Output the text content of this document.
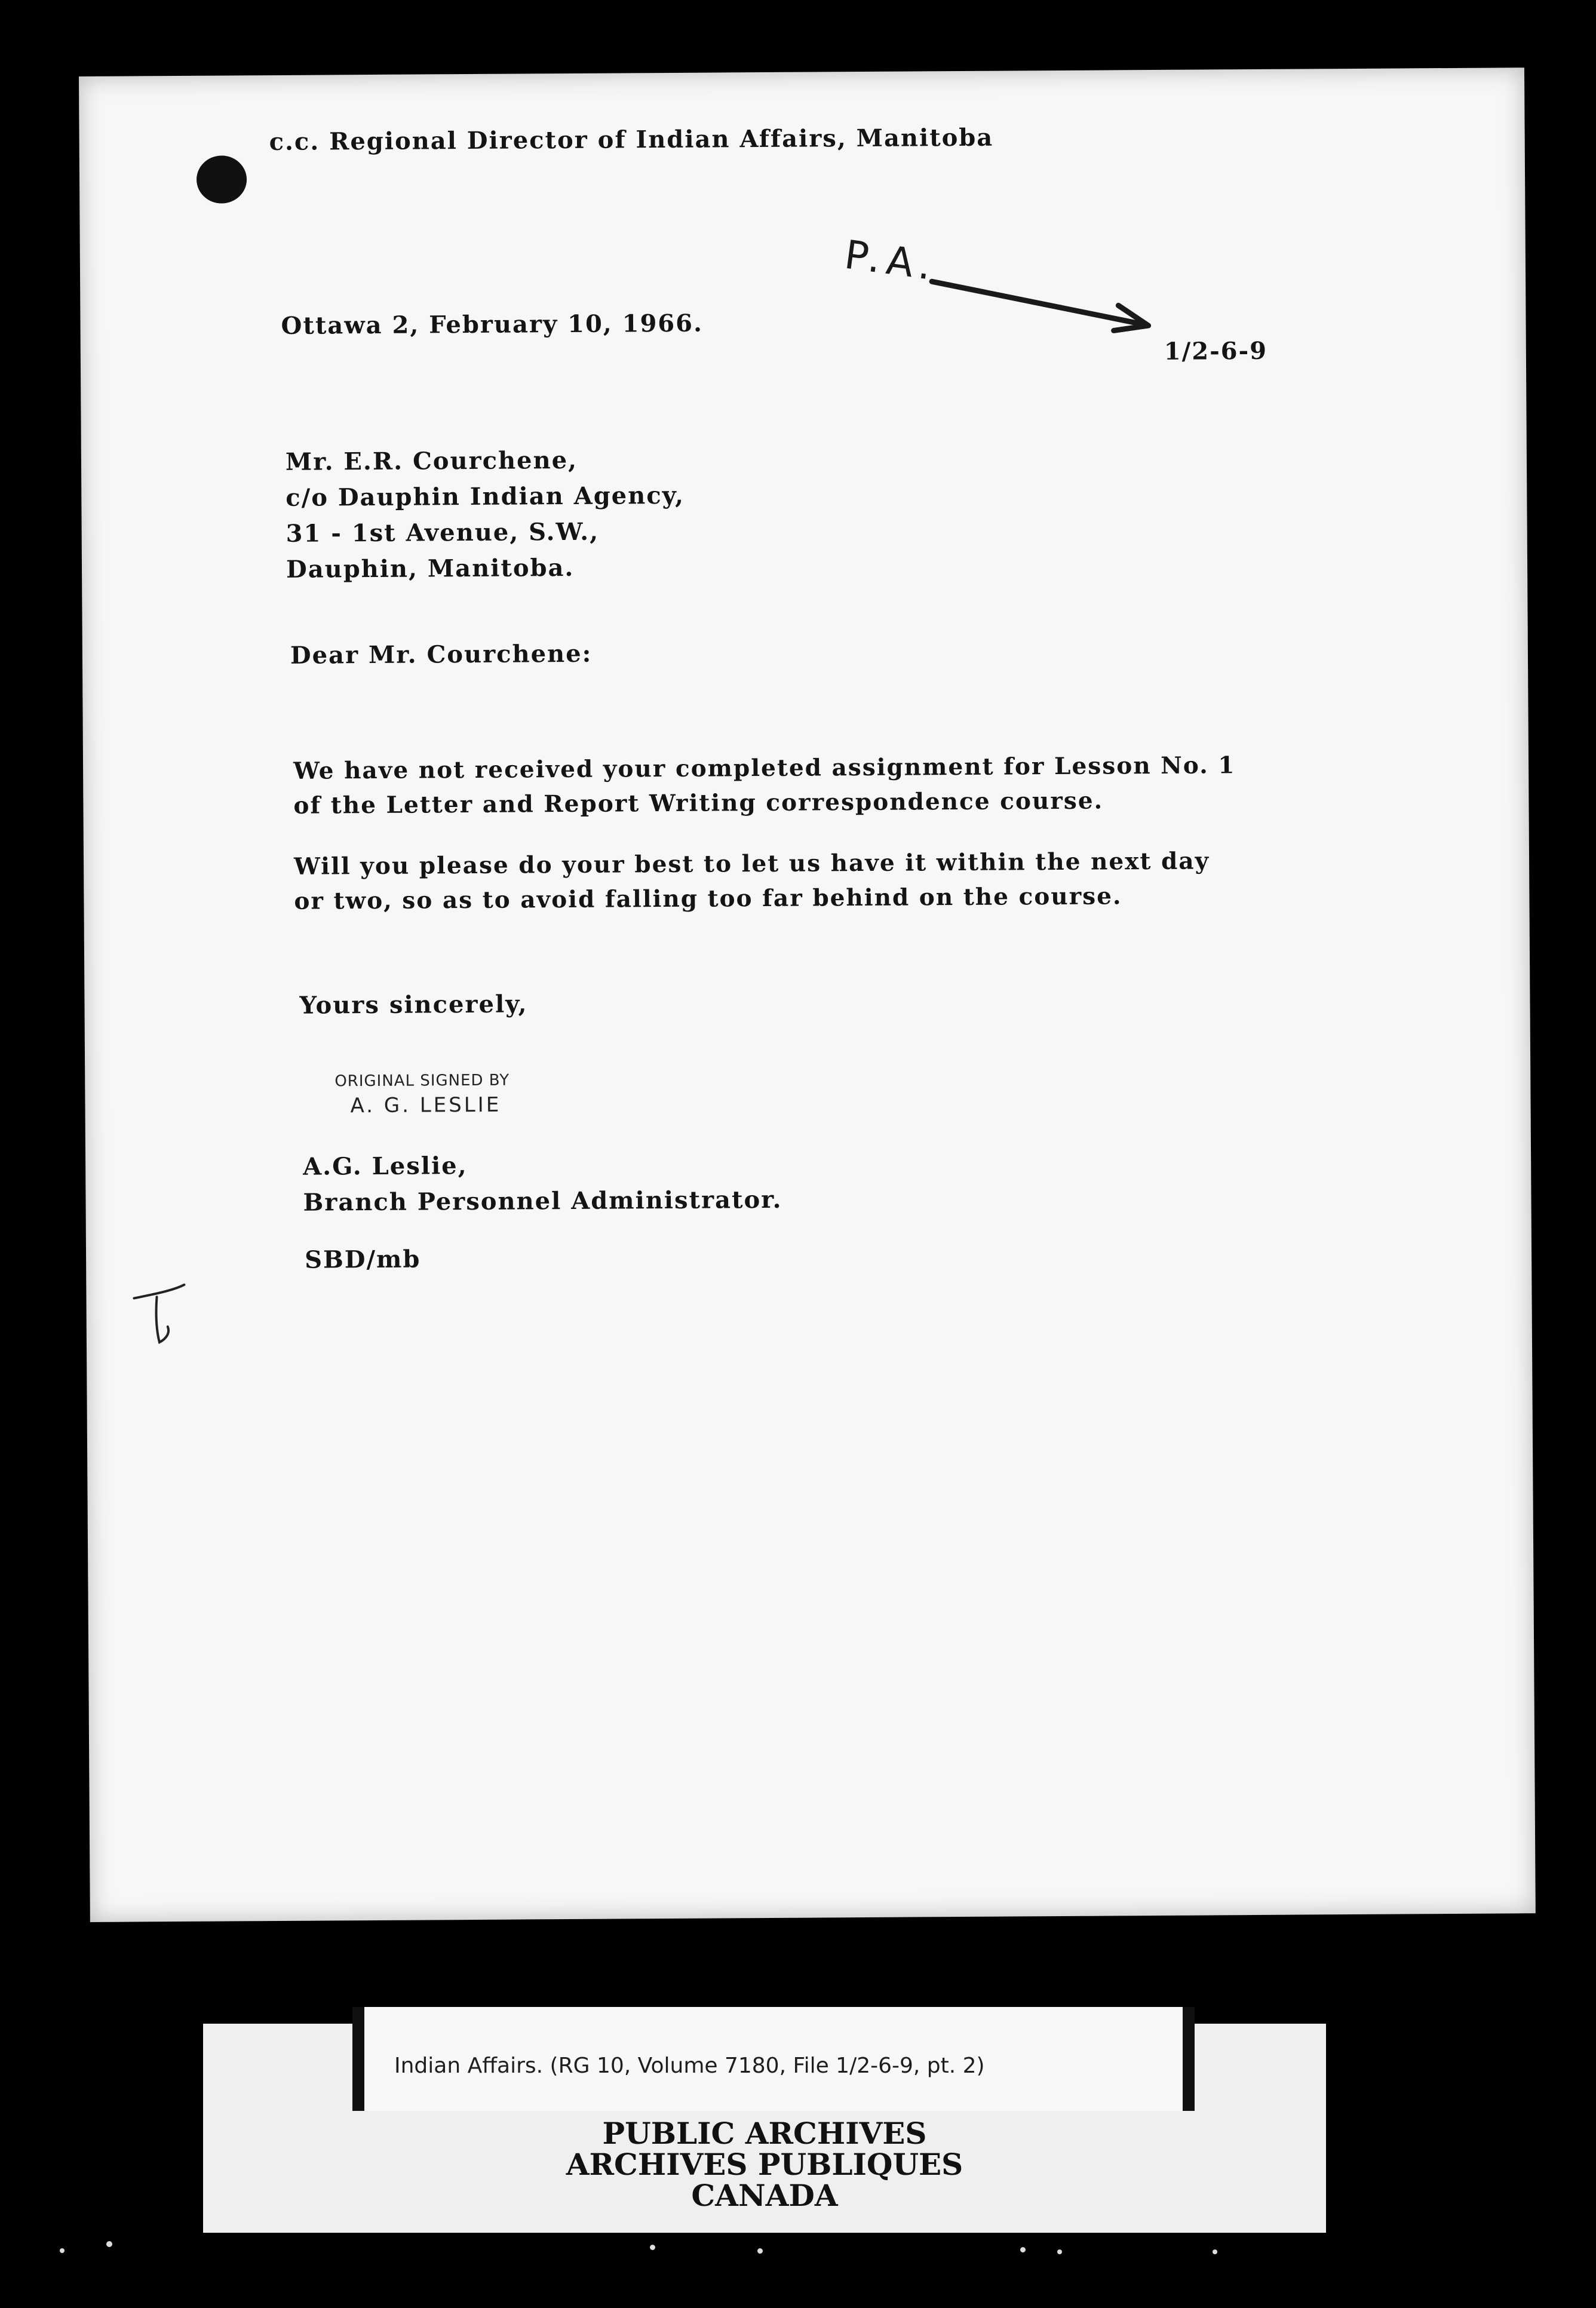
c.c. Regional Director of Indian Affairs, Manitoba
P.A.
Ottawa 2, February 10, 1966.
1/2-6-9
Mr. E.R. Courchene,
c/o Dauphin Indian Agency,
31 - 1st Avenue, S.W.,
Dauphin, Manitoba.
Dear Mr. Courchene:
We have not received your completed assignment for Lesson No. 1
of the Letter and Report Writing correspondence course.
Will you please do your best to let us have it within the next day
or two, so as to avoid falling too far behind on the course.
Yours sincerely,
ORIGINAL SIGNED BY
A. G. LESLIE
A.G. Leslie,
Branch Personnel Administrator.
SBD/mb
Indian Affairs. (RG 10, Volume 7180, File 1/2-6-9, pt. 2)
PUBLIC ARCHIVES
ARCHIVES PUBLIQUES
CANADA
